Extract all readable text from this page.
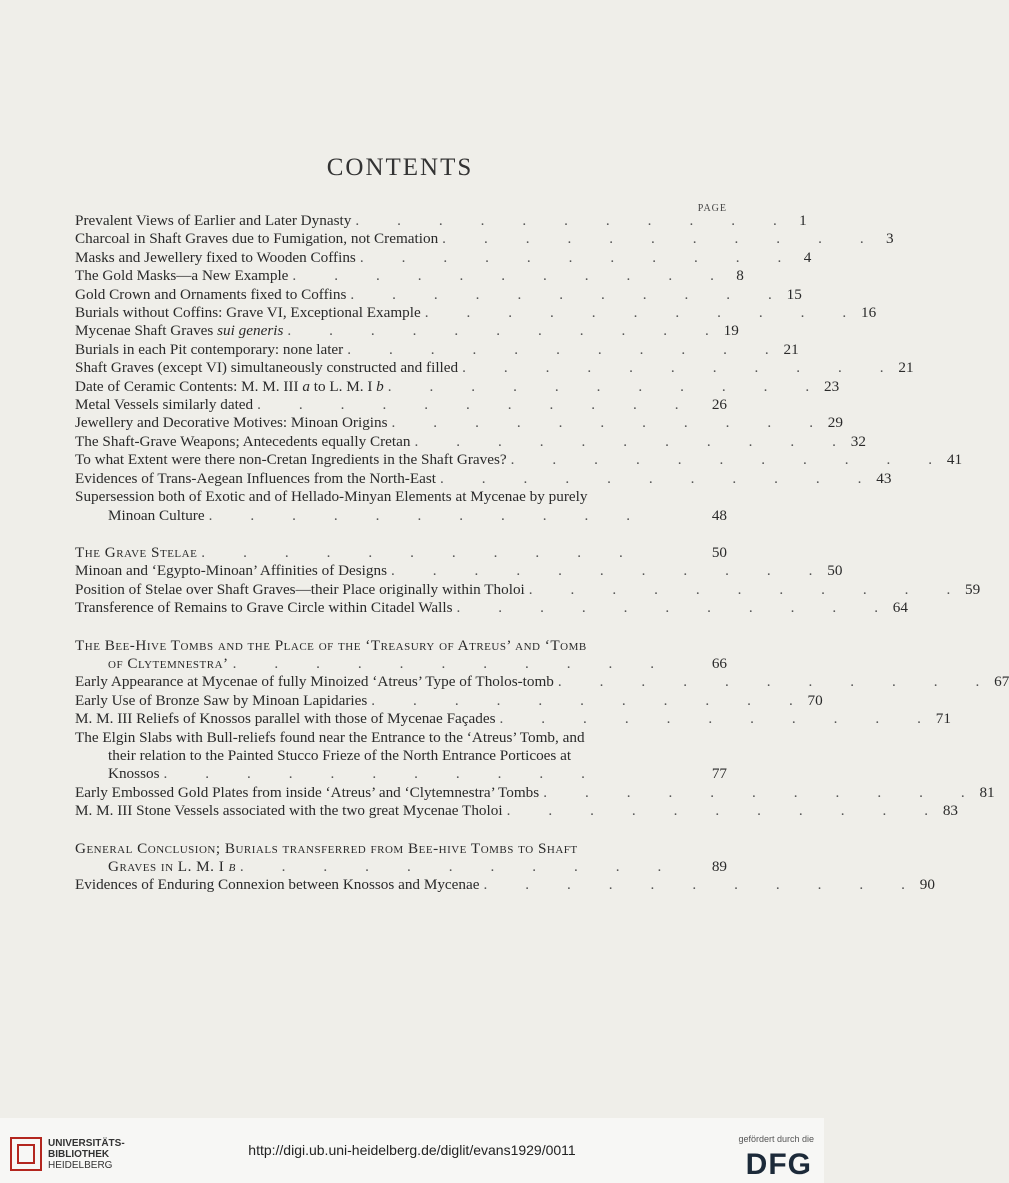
CONTENTS
PAGE
Prevalent Views of Earlier and Later Dynasty .	1
Charcoal in Shaft Graves due to Fumigation, not Cremation .	3
Masks and Jewellery fixed to Wooden Coffins .	4
The Gold Masks—a New Example .	8
Gold Crown and Ornaments fixed to Coffins .	15
Burials without Coffins: Grave VI, Exceptional Example .	16
Mycenae Shaft Graves sui generis .	19
Burials in each Pit contemporary: none later .	21
Shaft Graves (except VI) simultaneously constructed and filled .	21
Date of Ceramic Contents: M. M. III a to L. M. I b .	23
Metal Vessels similarly dated .	26
Jewellery and Decorative Motives: Minoan Origins .	29
The Shaft-Grave Weapons; Antecedents equally Cretan .	32
To what Extent were there non-Cretan Ingredients in the Shaft Graves? .	41
Evidences of Trans-Aegean Influences from the North-East .	43
Supersession both of Exotic and of Hellado-Minyan Elements at Mycenae by purely
Minoan Culture .	48
The Grave Stelae .	50
Minoan and ‘Egypto-Minoan’ Affinities of Designs .	50
Position of Stelae over Shaft Graves—their Place originally within Tholoi .	59
Transference of Remains to Grave Circle within Citadel Walls .	64
The Bee-Hive Tombs and the Place of the ‘Treasury of Atreus’ and ‘Tomb
of Clytemnestra’ .	66
Early Appearance at Mycenae of fully Minoized ‘Atreus’ Type of Tholos-tomb .	67
Early Use of Bronze Saw by Minoan Lapidaries .	70
M. M. III Reliefs of Knossos parallel with those of Mycenae Façades .	71
The Elgin Slabs with Bull-reliefs found near the Entrance to the ‘Atreus’ Tomb, and
their relation to the Painted Stucco Frieze of the North Entrance Porticoes at
Knossos .	77
Early Embossed Gold Plates from inside ‘Atreus’ and ‘Clytemnestra’ Tombs .	81
M. M. III Stone Vessels associated with the two great Mycenae Tholoi .	83
General Conclusion; Burials transferred from Bee-hive Tombs to Shaft
Graves in L. M. I b .	89
Evidences of Enduring Connexion between Knossos and Mycenae .	90
UNIVERSITÄTS-
BIBLIOTHEK
HEIDELBERG
http://digi.ub.uni-heidelberg.de/diglit/evans1929/0011
gefördert durch die
DFG
